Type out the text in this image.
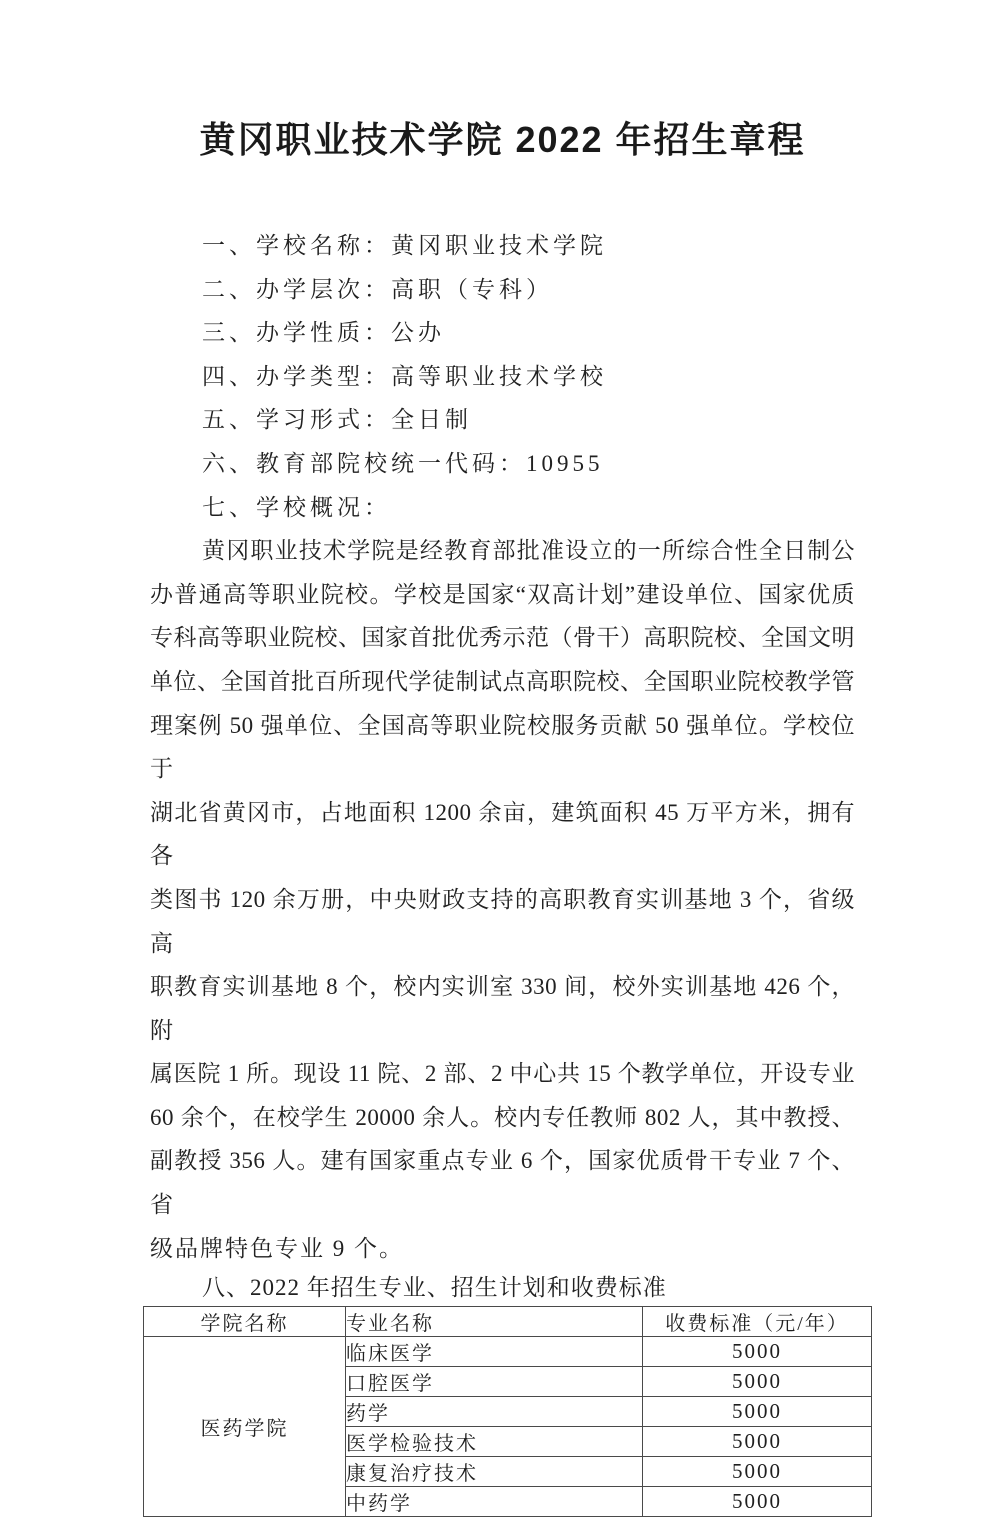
黄冈职业技术学院 2022 年招生章程
一、学校名称：黄冈职业技术学院
二、办学层次：高职（专科）
三、办学性质：公办
四、办学类型：高等职业技术学校
五、学习形式：全日制
六、教育部院校统一代码：10955
七、学校概况：
黄冈职业技术学院是经教育部批准设立的一所综合性全日制公
办普通高等职业院校。学校是国家“双高计划”建设单位、国家优质
专科高等职业院校、国家首批优秀示范（骨干）高职院校、全国文明
单位、全国首批百所现代学徒制试点高职院校、全国职业院校教学管
理案例 50 强单位、全国高等职业院校服务贡献 50 强单位。学校位于
湖北省黄冈市，占地面积 1200 余亩，建筑面积 45 万平方米，拥有各
类图书 120 余万册，中央财政支持的高职教育实训基地 3 个，省级高
职教育实训基地 8 个，校内实训室 330 间，校外实训基地 426 个，附
属医院 1 所。现设 11 院、2 部、2 中心共 15 个教学单位，开设专业
60 余个，在校学生 20000 余人。校内专任教师 802 人，其中教授、
副教授 356 人。建有国家重点专业 6 个，国家优质骨干专业 7 个、省
级品牌特色专业 9 个。
八、2022 年招生专业、招生计划和收费标准
学院名称	专业名称	收费标准（元/年）
医药学院	临床医学	5000
	口腔医学	5000
	药学	5000
	医学检验技术	5000
	康复治疗技术	5000
	中药学	5000
